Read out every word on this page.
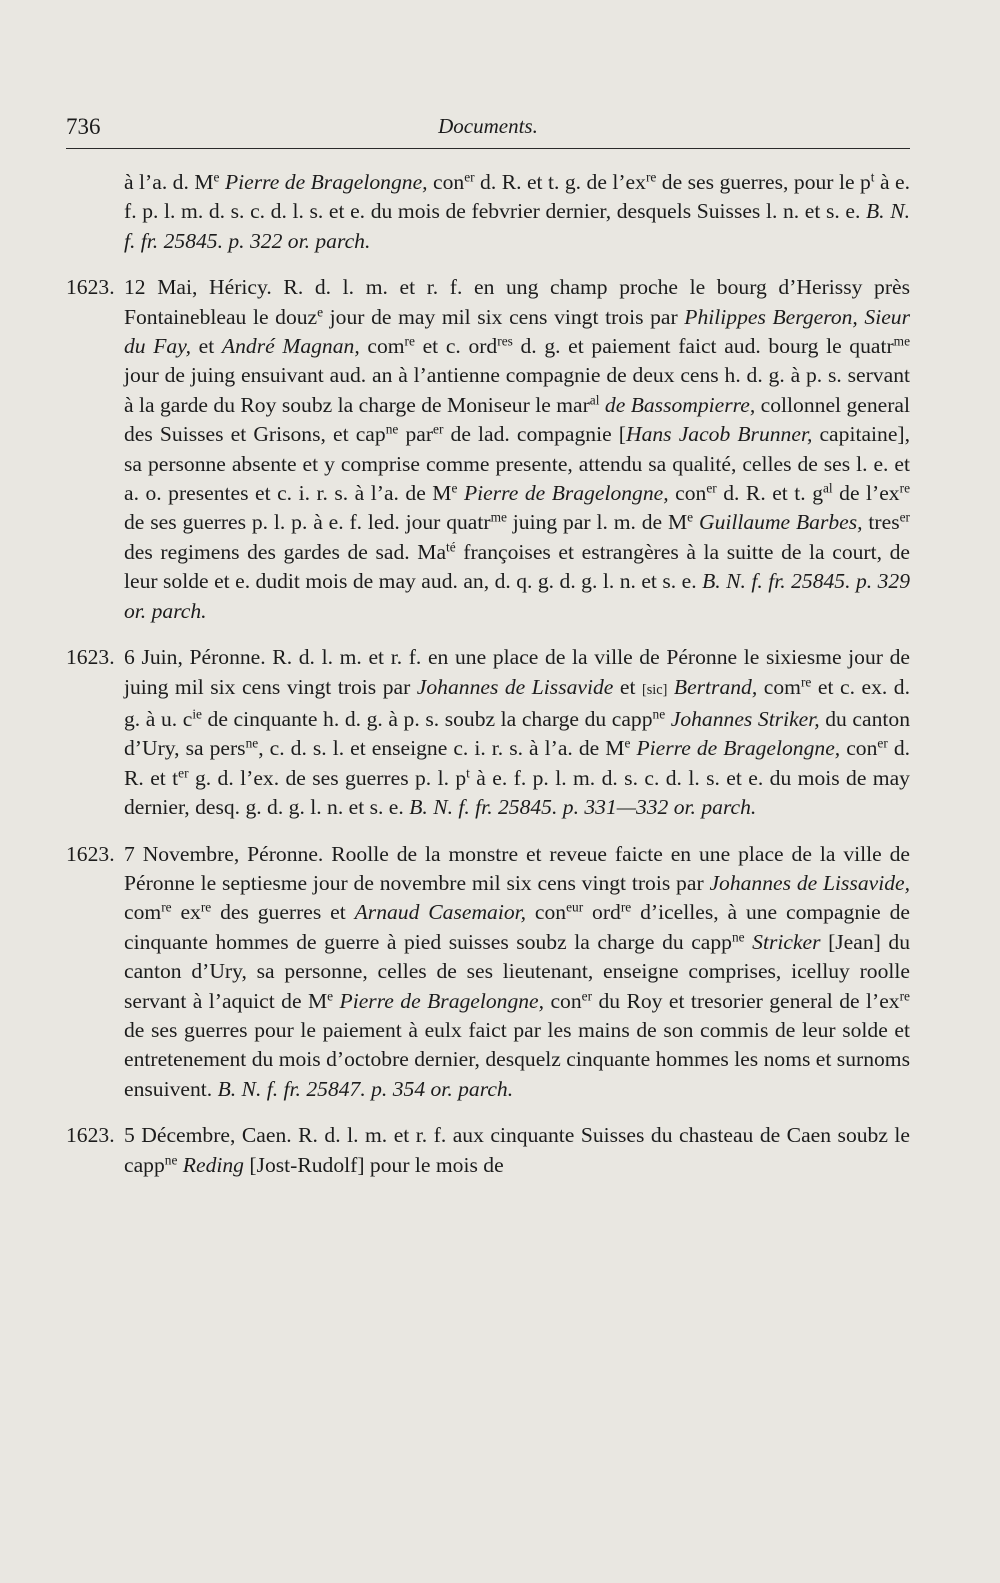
736	Documents.

à l’a. d. Me Pierre de Bragelongne, con$^{er}$ d. R. et t. g. de $l’ex^{re}$ de ses guerres, pour le $p^t$ à e. f. p. l. m. d. s. c. d. l. s. et e. du mois de febvrier dernier, desquels Suisses l. n. et s. e. B. N. f. fr. 25845. p. 322 or. parch.

1623. 12 Mai, Héricy. R. d. l. m. et r. f. en ung champ proche le bourg d’Herissy près Fontainebleau le douz$^e$ jour de may mil six cens vingt trois par Philippes Bergeron, Sieur du Fay, et André Magnan, com$^{re}$ et c. ord$^{res}$ d. g. et paiement faict aud. bourg le quatr$^{me}$ jour de juing ensuivant aud. an à l’antienne compagnie de deux cens h. d. g. à p. s. servant à la garde du Roy soubz la charge de Moniseur le mar$^{al}$ de Bassompierre, collonnel general des Suisses et Grisons, et cap$^{ne}$ par$^{er}$ de lad. compagnie [Hans Jacob Brunner, capitaine], sa personne absente et y comprise comme presente, attendu sa qualité, celles de ses l. e. et a. o. presentes et c. i. r. s. à l’a. de Me Pierre de Bragelongne, con$^{er}$ d. R. et t. $g^{al}$ de $l’ex^{re}$ de ses guerres p. l. p. à e. f. led. jour quatr$^{me}$ juing par l. m. de Me Guillaume Barbes, tres$^{er}$ des regimens des gardes de sad. $Ma^{té}$ françoises et estrangères à la suitte de la court, de leur solde et e. dudit mois de may aud. an, d. q. g. d. g. l. n. et s. e. B. N. f. fr. 25845. p. 329 or. parch.

1623. 6 Juin, Péronne. R. d. l. m. et r. f. en une place de la ville de Péronne le sixiesme jour de juing mil six cens vingt trois par Johannes de Lissavide et [sic] Bertrand, com$^{re}$ et c. ex. d. g. à u. $c^{ie}$ de cinquante h. d. g. à p. s. soubz la charge du capp$^{ne}$ Johannes Striker, du canton d’Ury, sa pers$^{ne}$, c. d. s. l. et enseigne c. i. r. s. à l’a. de Me Pierre de Bragelongne, con$^{er}$ d. R. et $t^{er}$ g. d. l’ex. de ses guerres p. l. $p^t$ à e. f. p. l. m. d. s. c. d. l. s. et e. du mois de may dernier, desq. g. d. g. l. n. et s. e. B. N. f. fr. 25845. p. 331—332 or. parch.

1623. 7 Novembre, Péronne. Roolle de la monstre et reveue faicte en une place de la ville de Péronne le septiesme jour de novembre mil six cens vingt trois par Johannes de Lissavide, com$^{re}$ $ex^{re}$ des guerres et Arnaud Casemaior, con$^{eur}$ ord$^{re}$ d’icelles, à une compagnie de cinquante hommes de guerre à pied suisses soubz la charge du capp$^{ne}$ Stricker [Jean] du canton d’Ury, sa personne, celles de ses lieutenant, enseigne comprises, icelluy roolle servant à l’aquict de Me Pierre de Bragelongne, con$^{er}$ du Roy et tresorier general de $l’ex^{re}$ de ses guerres pour le paiement à eulx faict par les mains de son commis de leur solde et entretenement du mois d’octobre dernier, desquelz cinquante hommes les noms et surnoms ensuivent. B. N. f. fr. 25847. p. 354 or. parch.

1623. 5 Décembre, Caen. R. d. l. m. et r. f. aux cinquante Suisses du chasteau de Caen soubz le capp$^{ne}$ Reding [Jost-Rudolf] pour le mois de
